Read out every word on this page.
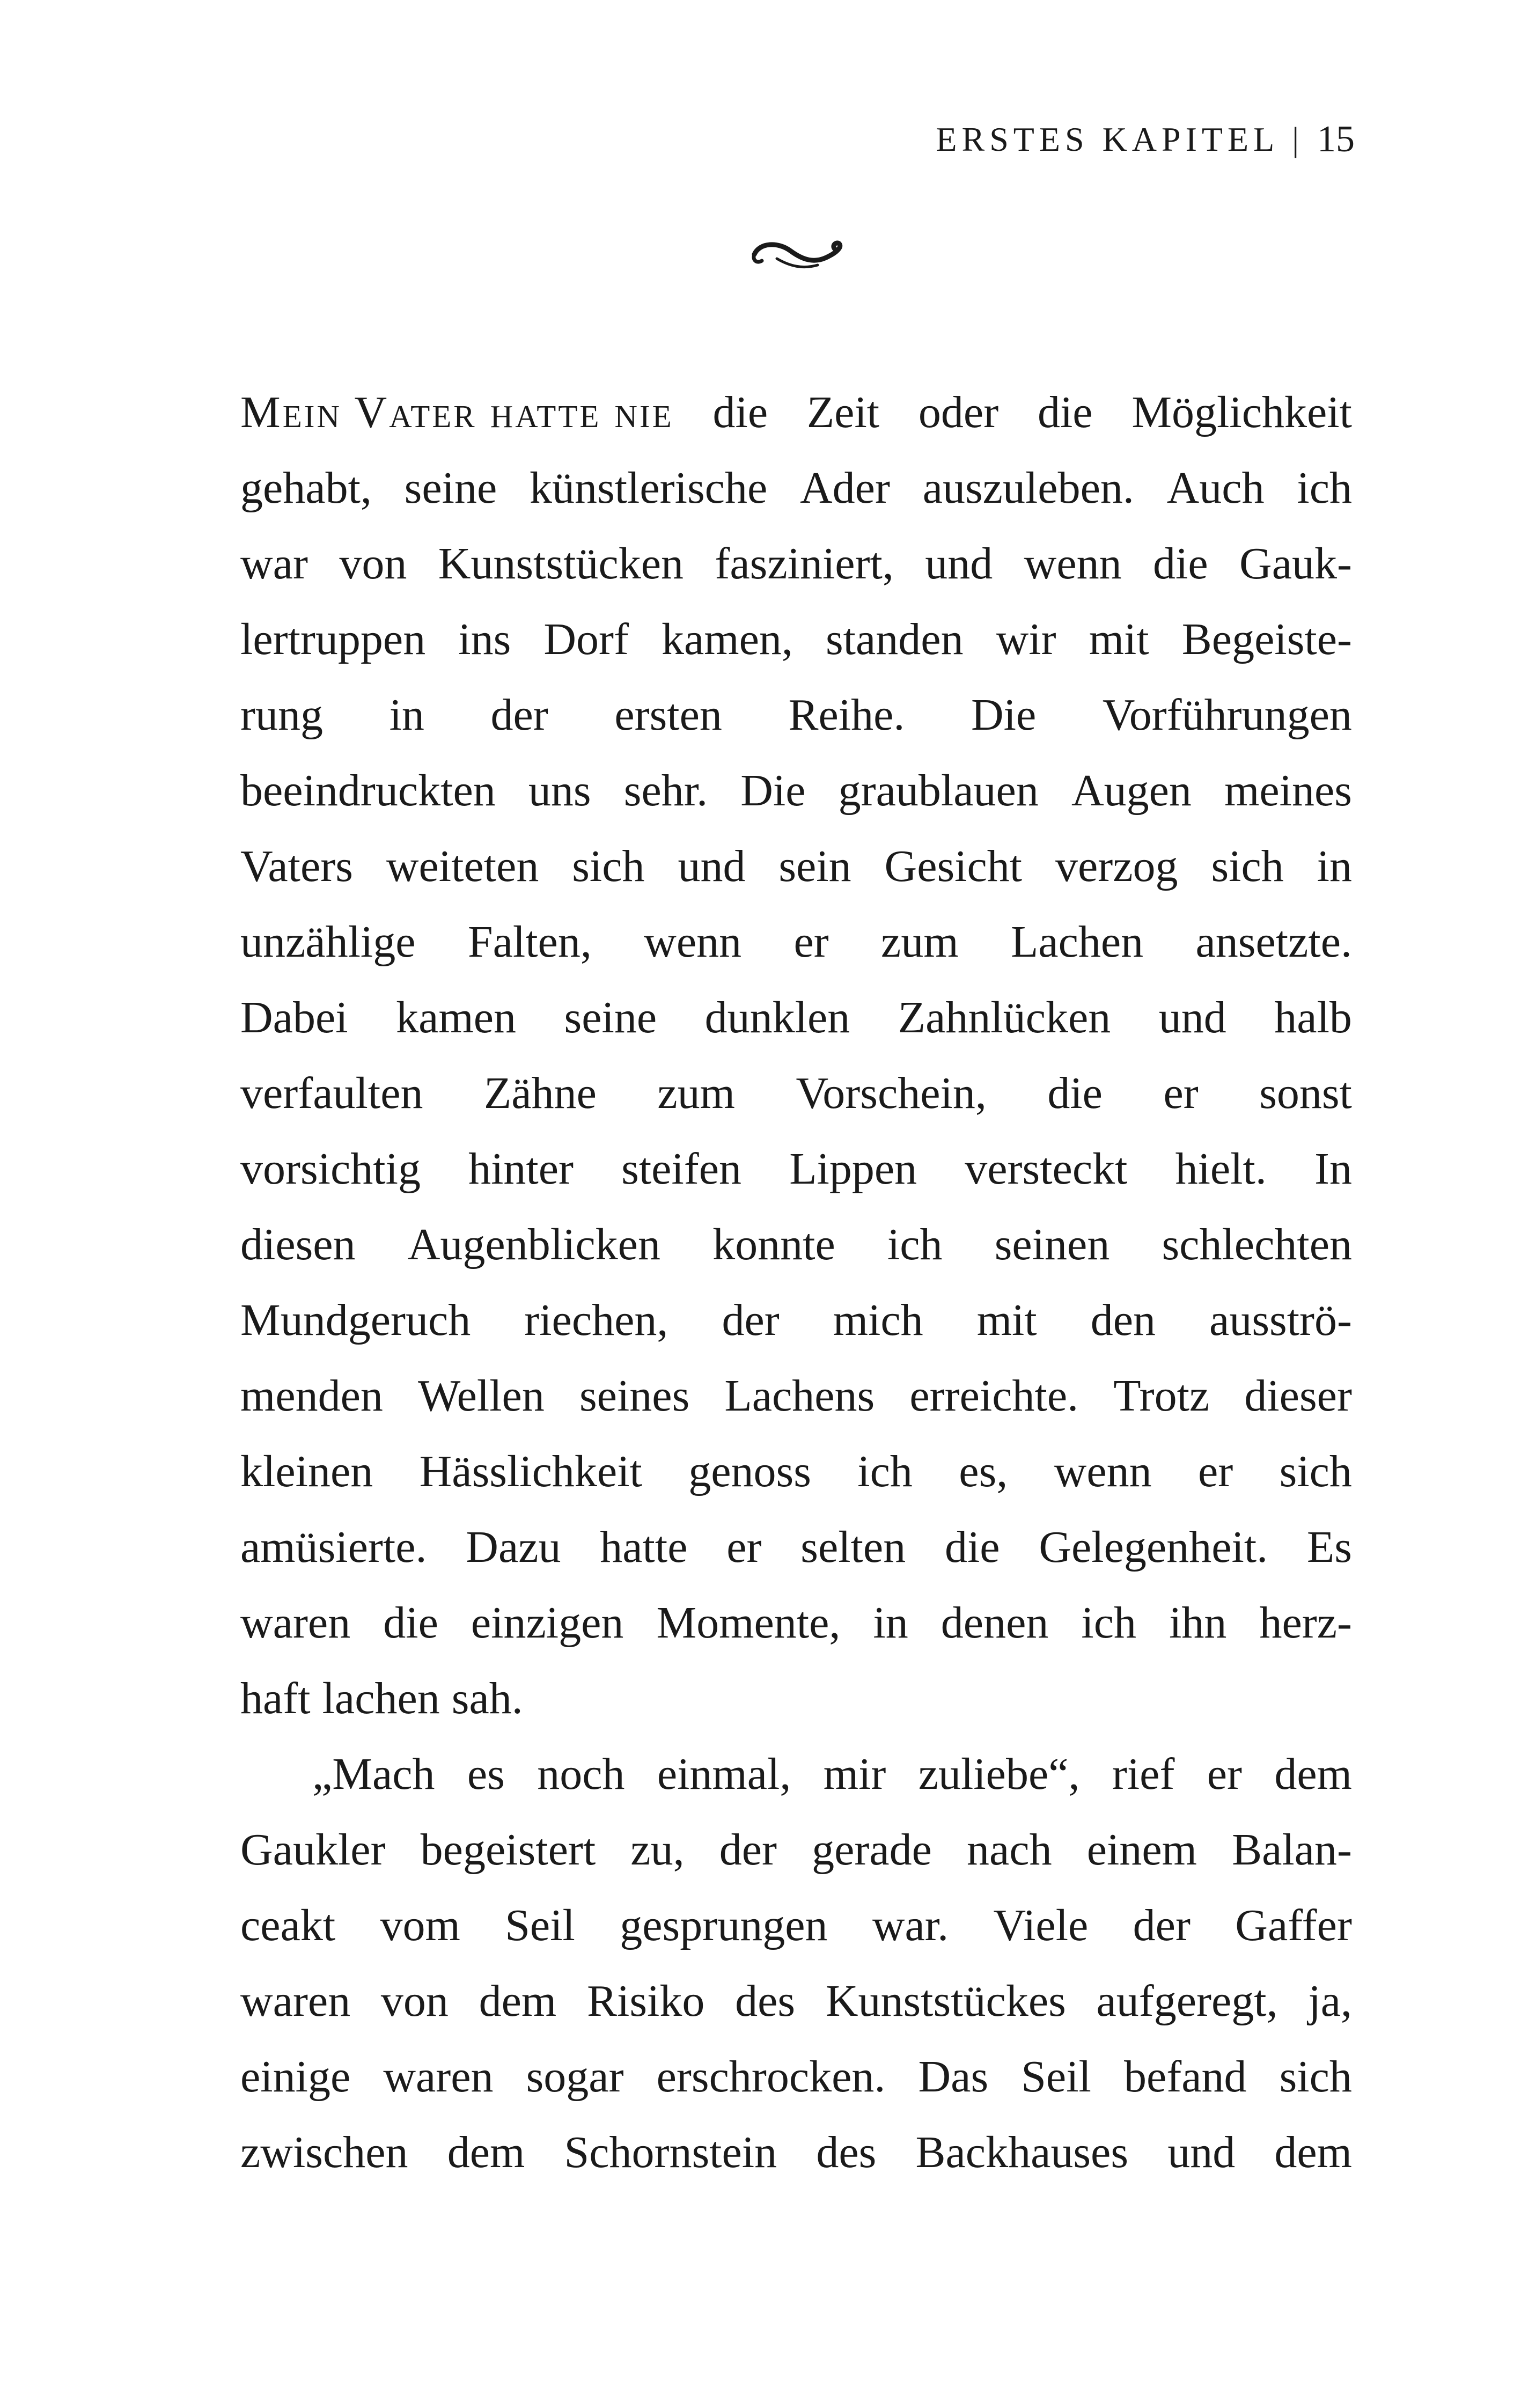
ERSTES KAPITEL | 15
Mein Vater hatte nie die Zeit oder die Möglichkeit
gehabt, seine künstlerische Ader auszuleben. Auch ich
war von Kunststücken fasziniert, und wenn die Gauk-
lertruppen ins Dorf kamen, standen wir mit Begeiste-
rung in der ersten Reihe. Die Vorführungen
beeindruckten uns sehr. Die graublauen Augen meines
Vaters weiteten sich und sein Gesicht verzog sich in
unzählige Falten, wenn er zum Lachen ansetzte.
Dabei kamen seine dunklen Zahnlücken und halb
verfaulten Zähne zum Vorschein, die er sonst
vorsichtig hinter steifen Lippen versteckt hielt. In
diesen Augenblicken konnte ich seinen schlechten
Mundgeruch riechen, der mich mit den ausströ-
menden Wellen seines Lachens erreichte. Trotz dieser
kleinen Hässlichkeit genoss ich es, wenn er sich
amüsierte. Dazu hatte er selten die Gelegenheit. Es
waren die einzigen Momente, in denen ich ihn herz-
haft lachen sah.
„Mach es noch einmal, mir zuliebe“, rief er dem
Gaukler begeistert zu, der gerade nach einem Balan-
ceakt vom Seil gesprungen war. Viele der Gaffer
waren von dem Risiko des Kunststückes aufgeregt, ja,
einige waren sogar erschrocken. Das Seil befand sich
zwischen dem Schornstein des Backhauses und dem
